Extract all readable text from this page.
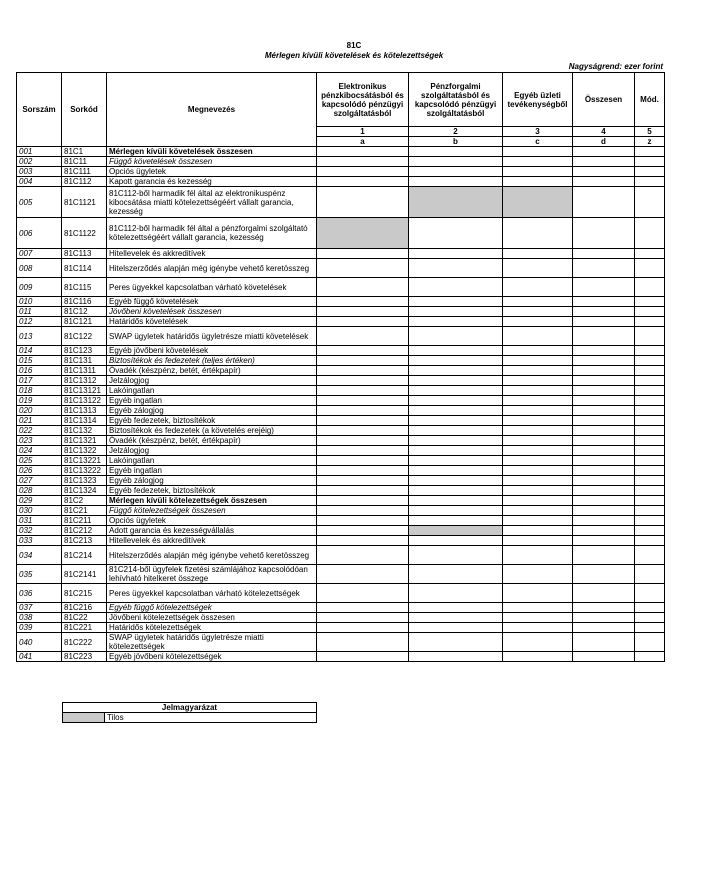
81C
Mérlegen kívüli követelések és kötelezettségek
Nagyságrend: ezer forint
Sorszám	Sorkód	Megnevezés	Elektronikus pénzkibocsátásból és kapcsolódó pénzügyi szolgáltatásból	Pénzforgalmi szolgáltatásból és kapcsolódó pénzügyi szolgáltatásból	Egyéb üzleti tevékenységből	Összesen	Mód.
			1	2	3	4	5
			a	b	c	d	z
001	81C1	Mérlegen kívüli követelések összesen					
002	81C11	Függő követelések összesen					
003	81C111	Opciós ügyletek					
004	81C112	Kapott garancia és kezesség					
005	81C1121	81C112-ből harmadik fél által az elektronikuspénz kibocsátása miatti kötelezettségéért vállalt garancia, kezesség					
006	81C1122	81C112-ből harmadik fél által a pénzforgalmi szolgáltató kötelezettségéért vállalt garancia, kezesség					
007	81C113	Hitellevelek és akkreditívek					
008	81C114	Hitelszerződés alapján még igénybe vehető keretösszeg					
009	81C115	Peres ügyekkel kapcsolatban várható követelések					
010	81C116	Egyéb függő követelések					
011	81C12	Jövőbeni követelések összesen					
012	81C121	Határidős követelések					
013	81C122	SWAP ügyletek határidős ügyletrésze miatti követelések					
014	81C123	Egyéb jövőbeni követelések					
015	81C131	Biztosítékok és fedezetek (teljes értéken)					
016	81C1311	Óvadék (készpénz, betét, értékpapír)					
017	81C1312	Jelzálogjog					
018	81C13121	Lakóingatlan					
019	81C13122	Egyéb ingatlan					
020	81C1313	Egyéb zálogjog					
021	81C1314	Egyéb fedezetek, biztosítékok					
022	81C132	Biztosítékok és fedezetek (a követelés erejéig)					
023	81C1321	Óvadék (készpénz, betét, értékpapír)					
024	81C1322	Jelzálogjog					
025	81C13221	Lakóingatlan					
026	81C13222	Egyéb ingatlan					
027	81C1323	Egyéb zálogjog					
028	81C1324	Egyéb fedezetek, biztosítékok					
029	81C2	Mérlegen kívüli kötelezettségek összesen					
030	81C21	Függő kötelezettségek összesen					
031	81C211	Opciós ügyletek					
032	81C212	Adott garancia és kezességvállalás					
033	81C213	Hitellevelek és akkreditívek					
034	81C214	Hitelszerződés alapján még igénybe vehető keretösszeg					
035	81C2141	81C214-ből ügyfelek fizetési számlájához kapcsolódóan lehívható hitelkeret összege					
036	81C215	Peres ügyekkel kapcsolatban várható kötelezettségek					
037	81C216	Egyéb függő kötelezettségek					
038	81C22	Jövőbeni kötelezettségek összesen					
039	81C221	Határidős kötelezettségek					
040	81C222	SWAP ügyletek határidős ügyletrésze miatti kötelezettségek					
041	81C223	Egyéb jövőbeni kötelezettségek					
Jelmagyarázat
	Tilos
